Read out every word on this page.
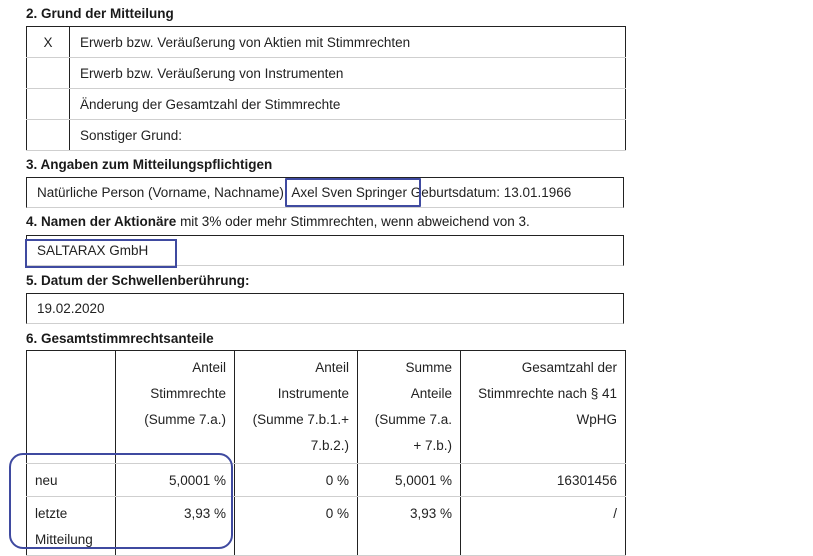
2. Grund der Mitteilung
X	Erwerb bzw. Veräußerung von Aktien mit Stimmrechten
	Erwerb bzw. Veräußerung von Instrumenten
	Änderung der Gesamtzahl der Stimmrechte
	Sonstiger Grund:
3. Angaben zum Mitteilungspflichtigen
Natürliche Person (Vorname, Nachname): Axel Sven Springer Geburtsdatum: 13.01.1966
4. Namen der Aktionäre mit 3% oder mehr Stimmrechten, wenn abweichend von 3.
SALTARAX GmbH
5. Datum der Schwellenberührung:
19.02.2020
6. Gesamtstimmrechtsanteile
	Anteil Stimmrechte (Summe 7.a.)	Anteil Instrumente (Summe 7.b.1.+ 7.b.2.)	Summe Anteile (Summe 7.a. + 7.b.)	Gesamtzahl der Stimmrechte nach § 41 WpHG
neu	5,0001 %	0 %	5,0001 %	16301456
letzte Mitteilung	3,93 %	0 %	3,93 %	/
